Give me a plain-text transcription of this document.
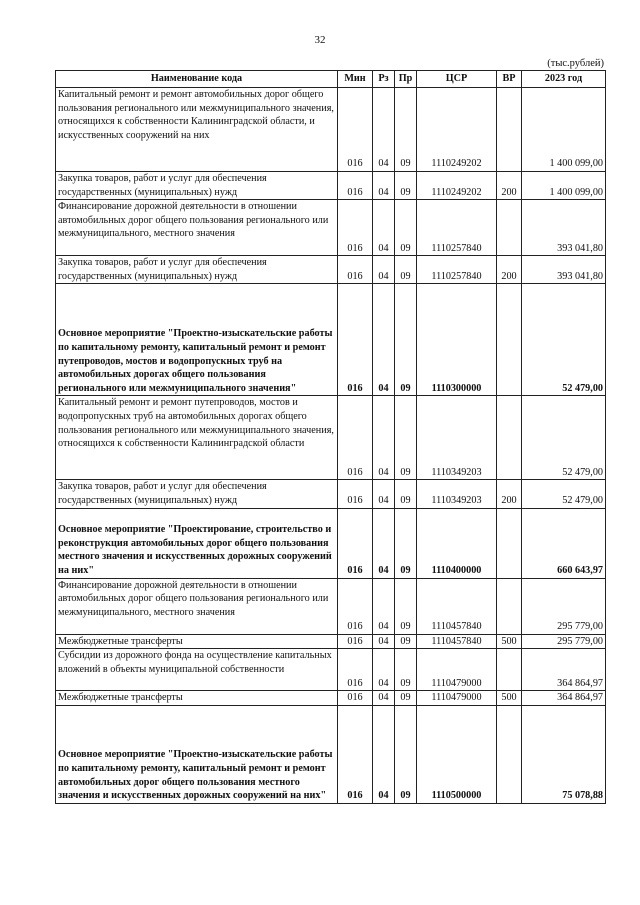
32
(тыс.рублей)
Наименование кода	Мин	Рз	Пр	ЦСР	ВР	2023 год
Капитальный ремонт и ремонт автомобильных дорог общего пользования регионального или межмуниципального значения, относящихся к собственности Калининградской области, и искусственных сооружений на них	016	04	09	1110249202		1 400 099,00
Закупка товаров, работ и услуг для обеспечения государственных (муниципальных) нужд	016	04	09	1110249202	200	1 400 099,00
Финансирование дорожной деятельности в отношении автомобильных дорог общего пользования регионального или межмуниципального, местного значения	016	04	09	1110257840		393 041,80
Закупка товаров, работ и услуг для обеспечения государственных (муниципальных) нужд	016	04	09	1110257840	200	393 041,80
Основное мероприятие "Проектно-изыскательские работы по капитальному ремонту, капитальный ремонт и ремонт путепроводов, мостов и водопропускных труб на автомобильных дорогах общего пользования регионального или межмуниципального значения"	016	04	09	1110300000		52 479,00
Капитальный ремонт и ремонт путепроводов, мостов и водопропускных труб на автомобильных дорогах общего пользования регионального или межмуниципального значения, относящихся к собственности Калининградской области	016	04	09	1110349203		52 479,00
Закупка товаров, работ и услуг для обеспечения государственных (муниципальных) нужд	016	04	09	1110349203	200	52 479,00
Основное мероприятие "Проектирование, строительство и реконструкция автомобильных дорог общего пользования местного значения и искусственных дорожных сооружений на них"	016	04	09	1110400000		660 643,97
Финансирование дорожной деятельности в отношении автомобильных дорог общего пользования регионального или межмуниципального, местного значения	016	04	09	1110457840		295 779,00
Межбюджетные трансферты	016	04	09	1110457840	500	295 779,00
Субсидии из дорожного фонда на осуществление капитальных вложений в объекты муниципальной собственности	016	04	09	1110479000		364 864,97
Межбюджетные трансферты	016	04	09	1110479000	500	364 864,97
Основное мероприятие "Проектно-изыскательские работы по капитальному ремонту, капитальный ремонт и ремонт автомобильных дорог общего пользования местного значения и искусственных дорожных сооружений на них"	016	04	09	1110500000		75 078,88
